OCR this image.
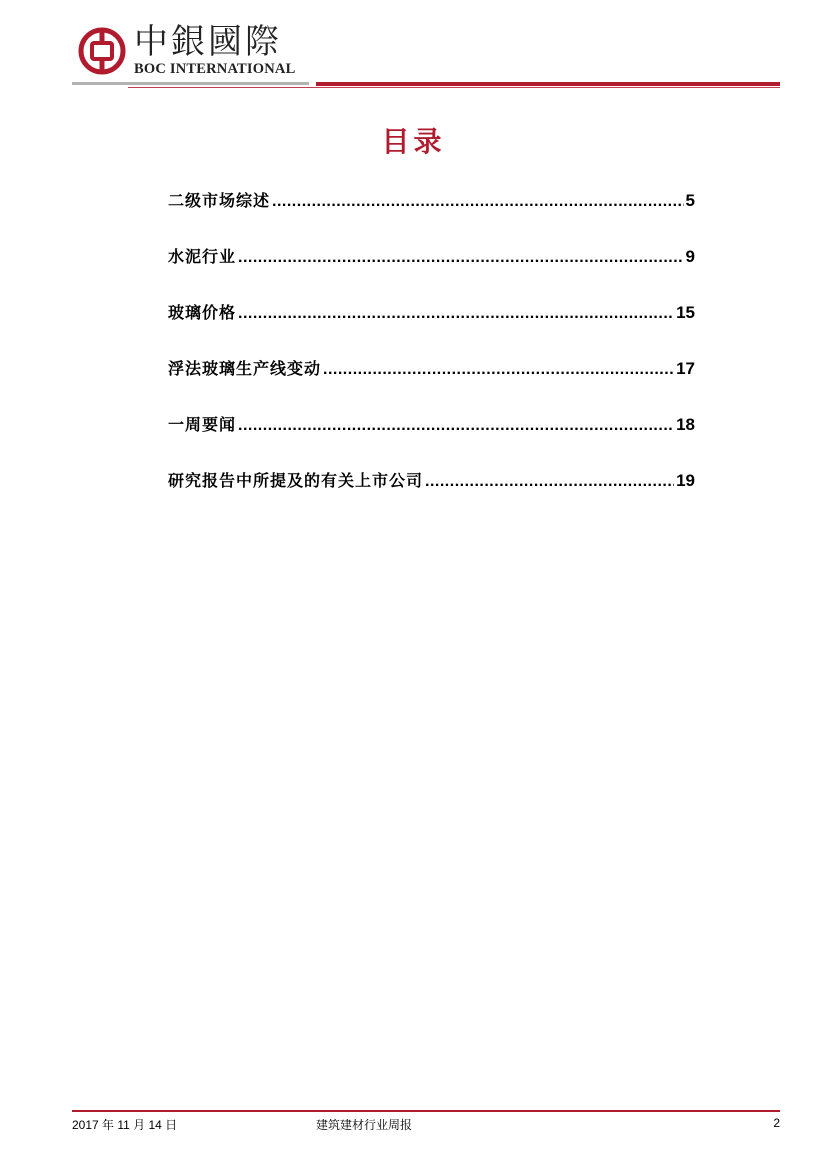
中銀國際
BOC INTERNATIONAL
目录
二级市场综述 .....	5
水泥行业 .....	9
玻璃价格 .....	15
浮法玻璃生产线变动 .....	17
一周要闻 .....	18
研究报告中所提及的有关上市公司 .....	19
2017 年 11 月 14 日	建筑建材行业周报	2
